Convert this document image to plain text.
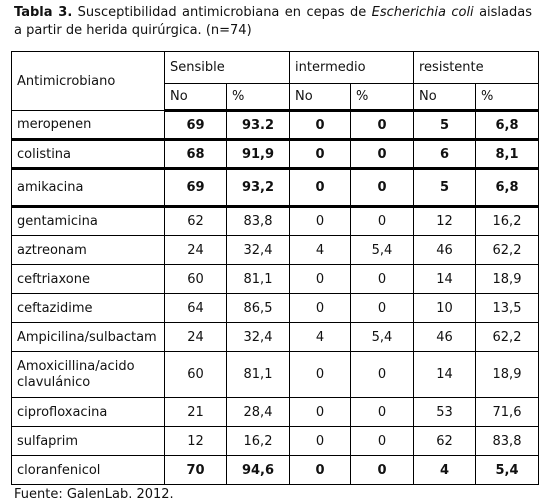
Tabla 3. Susceptibilidad antimicrobiana en cepas de Escherichia coli aisladas a partir de herida quirúrgica. (n=74)
Antimicrobiano	Sensible		intermedio		resistente	
	No	%	No	%	No	%
meropenen	69	93.2	0	0	5	6,8
colistina	68	91,9	0	0	6	8,1
amikacina	69	93,2	0	0	5	6,8
gentamicina	62	83,8	0	0	12	16,2
aztreonam	24	32,4	4	5,4	46	62,2
ceftriaxone	60	81,1	0	0	14	18,9
ceftazidime	64	86,5	0	0	10	13,5
Ampicilina/sulbactam	24	32,4	4	5,4	46	62,2
Amoxicillina/acido clavulánico	60	81,1	0	0	14	18,9
ciprofloxacina	21	28,4	0	0	53	71,6
sulfaprim	12	16,2	0	0	62	83,8
cloranfenicol	70	94,6	0	0	4	5,4
Fuente: GalenLab. 2012.
